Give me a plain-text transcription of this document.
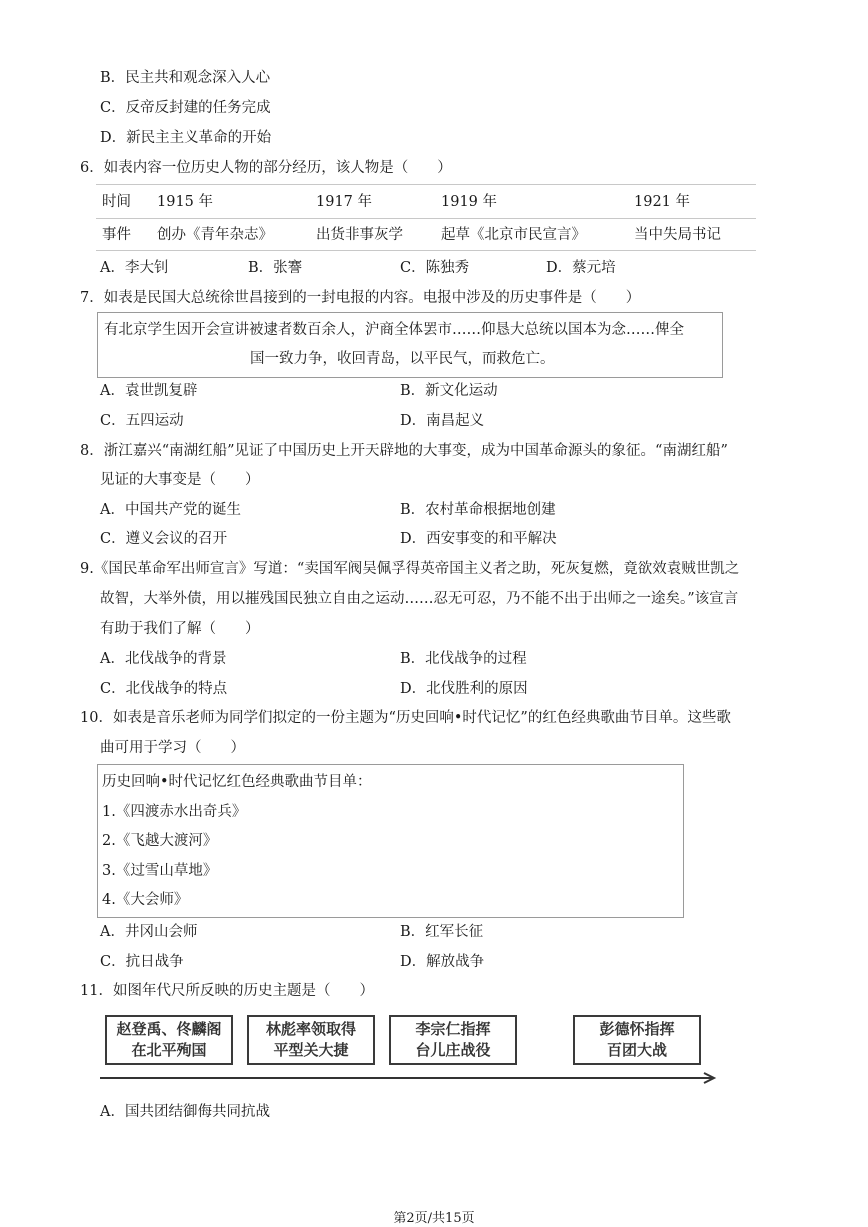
B．民主共和观念深入人心
C．反帝反封建的任务完成
D．新民主主义革命的开始
6．如表内容一位历史人物的部分经历，该人物是（　　）
时间 1915 年	1917 年	1919 年	1921 年
事件 创办《青年杂志》	出货非事灰学	起草《北京市民宣言》	当中失局书记
A．李大钊	B．张謇	C．陈独秀	D．蔡元培
7．如表是民国大总统徐世昌接到的一封电报的内容。电报中涉及的历史事件是（　　）
有北京学生因开会宣讲被逮者数百余人，沪商全体罢市……仰恳大总统以国本为念……俾全
国一致力争，收回青岛，以平民气，而救危亡。
A．袁世凯复辟	B．新文化运动
C．五四运动	D．南昌起义
8．浙江嘉兴“南湖红船”见证了中国历史上开天辟地的大事变，成为中国革命源头的象征。“南湖红船”
见证的大事变是（　　）
A．中国共产党的诞生	B．农村革命根据地创建
C．遵义会议的召开	D．西安事变的和平解决
9.《国民革命军出师宣言》写道：“卖国军阀吴佩孚得英帝国主义者之助，死灰复燃，竟欲效袁贼世凯之
故智，大举外债，用以摧残国民独立自由之运动……忍无可忍，乃不能不出于出师之一途矣。”该宣言
有助于我们了解（　　）
A．北伐战争的背景	B．北伐战争的过程
C．北伐战争的特点	D．北伐胜利的原因
10．如表是音乐老师为同学们拟定的一份主题为“历史回响•时代记忆”的红色经典歌曲节目单。这些歌
曲可用于学习（　　）
历史回响•时代记忆红色经典歌曲节目单：
1.《四渡赤水出奇兵》
2.《飞越大渡河》
3.《过雪山草地》
4.《大会师》
A．井冈山会师	B．红军长征
C．抗日战争	D．解放战争
11．如图年代尺所反映的历史主题是（　　）
赵登禹、佟麟阁
在北平殉国
林彪率领取得
平型关大捷
李宗仁指挥
台儿庄战役
彭德怀指挥
百团大战
A．国共团结御侮共同抗战
第2页/共15页
